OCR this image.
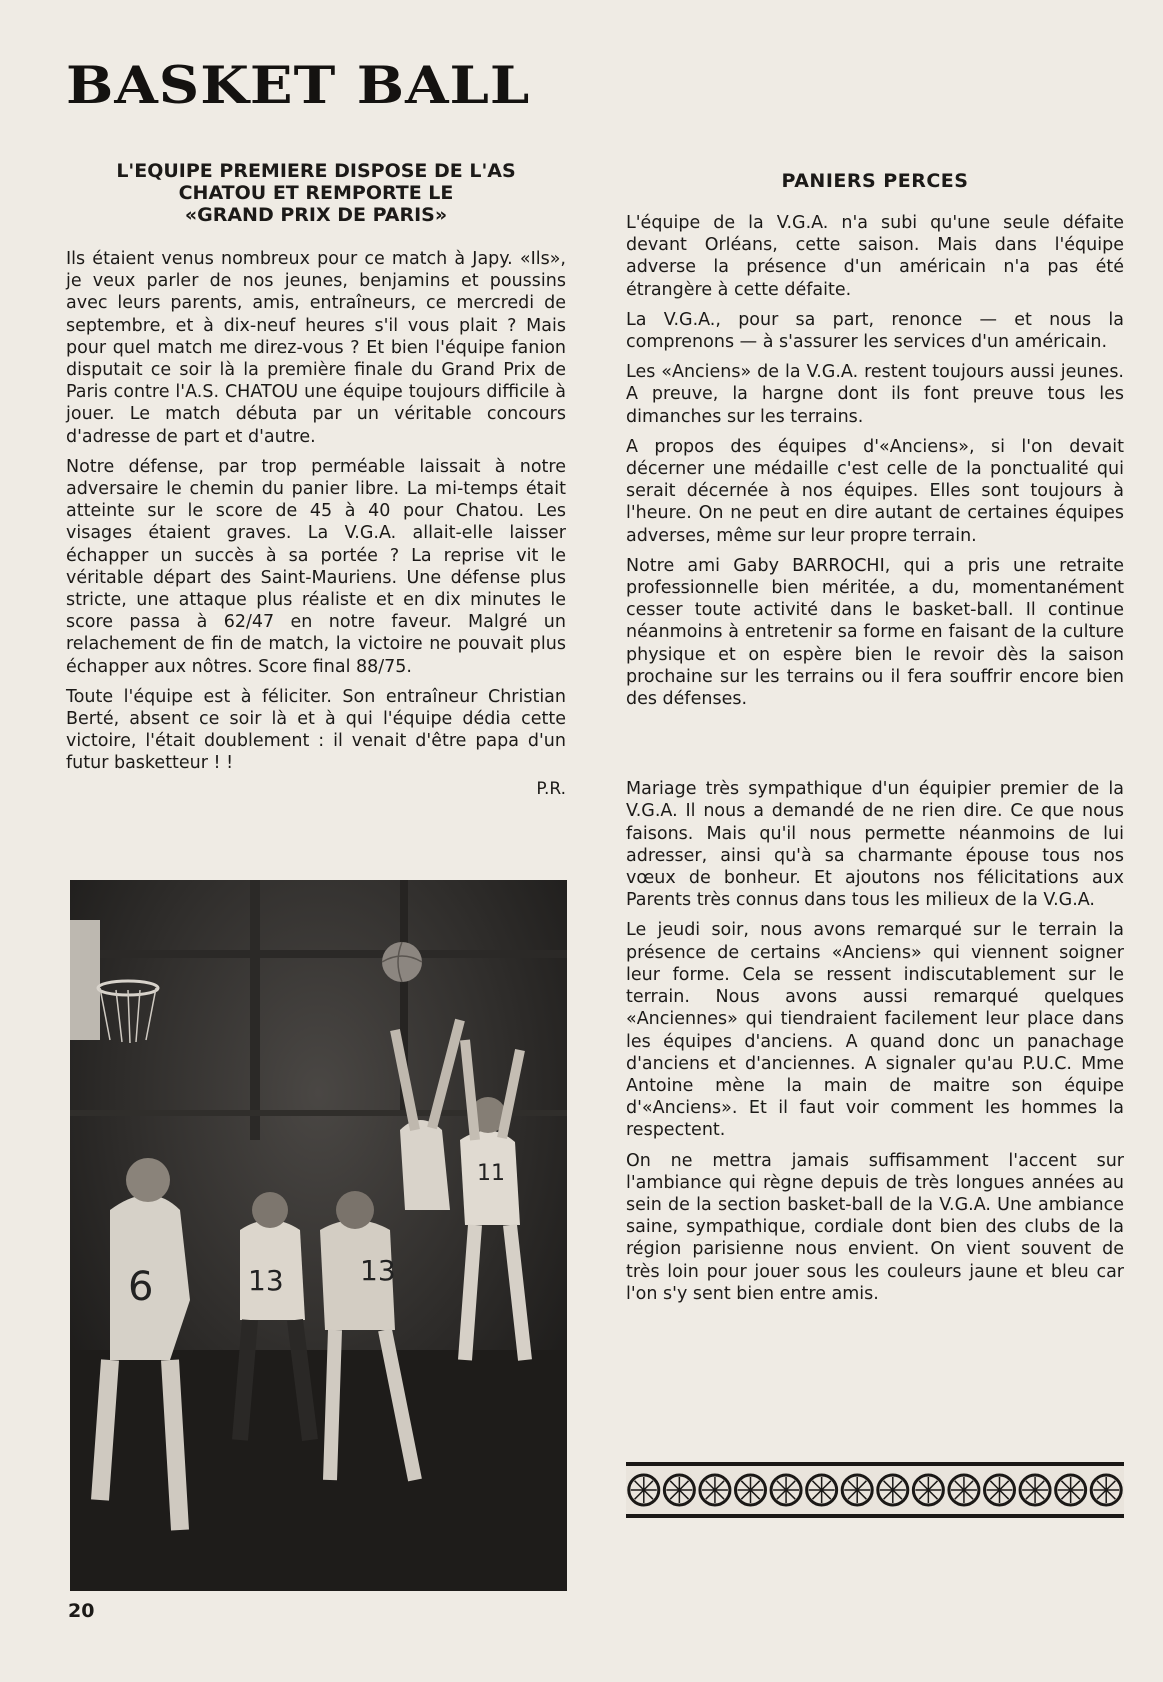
BASKET BALL
L'EQUIPE PREMIERE DISPOSE DE L'AS
CHATOU ET REMPORTE LE
«GRAND PRIX DE PARIS»

Ils étaient venus nombreux pour ce match à Japy. «Ils», je veux parler de nos jeunes, benjamins et poussins avec leurs parents, amis, entraîneurs, ce mercredi de septembre, et à dix-neuf heures s'il vous plait ? Mais pour quel match me direz-vous ? Et bien l'équipe fanion disputait ce soir là la première finale du Grand Prix de Paris contre l'A.S. CHATOU une équipe toujours difficile à jouer. Le match débuta par un véritable concours d'adresse de part et d'autre.

Notre défense, par trop perméable laissait à notre adversaire le chemin du panier libre. La mi-temps était atteinte sur le score de 45 à 40 pour Chatou. Les visages étaient graves. La V.G.A. allait-elle laisser échapper un succès à sa portée ? La reprise vit le véritable départ des Saint-Mauriens. Une défense plus stricte, une attaque plus réaliste et en dix minutes le score passa à 62/47 en notre faveur. Malgré un relachement de fin de match, la victoire ne pouvait plus échapper aux nôtres. Score final 88/75.

Toute l'équipe est à féliciter. Son entraîneur Christian Berté, absent ce soir là et à qui l'équipe dédia cette victoire, l'était doublement : il venait d'être papa d'un futur basketteur ! !

P.R.
6	13	13
11
PANIERS PERCES

L'équipe de la V.G.A. n'a subi qu'une seule défaite devant Orléans, cette saison. Mais dans l'équipe adverse la présence d'un américain n'a pas été étrangère à cette défaite.

La V.G.A., pour sa part, renonce — et nous la comprenons — à s'assurer les services d'un américain.

Les «Anciens» de la V.G.A. restent toujours aussi jeunes. A preuve, la hargne dont ils font preuve tous les dimanches sur les terrains.

A propos des équipes d'«Anciens», si l'on devait décerner une médaille c'est celle de la ponctualité qui serait décernée à nos équipes. Elles sont toujours à l'heure. On ne peut en dire autant de certaines équipes adverses, même sur leur propre terrain.

Notre ami Gaby BARROCHI, qui a pris une retraite professionnelle bien méritée, a du, momentanément cesser toute activité dans le basket-ball. Il continue néanmoins à entretenir sa forme en faisant de la culture physique et on espère bien le revoir dès la saison prochaine sur les terrains ou il fera souffrir encore bien des défenses.

Mariage très sympathique d'un équipier premier de la V.G.A. Il nous a demandé de ne rien dire. Ce que nous faisons. Mais qu'il nous permette néanmoins de lui adresser, ainsi qu'à sa charmante épouse tous nos vœux de bonheur. Et ajoutons nos félicitations aux Parents très connus dans tous les milieux de la V.G.A.

Le jeudi soir, nous avons remarqué sur le terrain la présence de certains «Anciens» qui viennent soigner leur forme. Cela se ressent indiscutablement sur le terrain. Nous avons aussi remarqué quelques «Anciennes» qui tiendraient facilement leur place dans les équipes d'anciens. A quand donc un panachage d'anciens et d'anciennes. A signaler qu'au P.U.C. Mme Antoine mène la main de maitre son équipe d'«Anciens». Et il faut voir comment les hommes la respectent.

On ne mettra jamais suffisamment l'accent sur l'ambiance qui règne depuis de très longues années au sein de la section basket-ball de la V.G.A. Une ambiance saine, sympathique, cordiale dont bien des clubs de la région parisienne nous envient. On vient souvent de très loin pour jouer sous les couleurs jaune et bleu car l'on s'y sent bien entre amis.

20
